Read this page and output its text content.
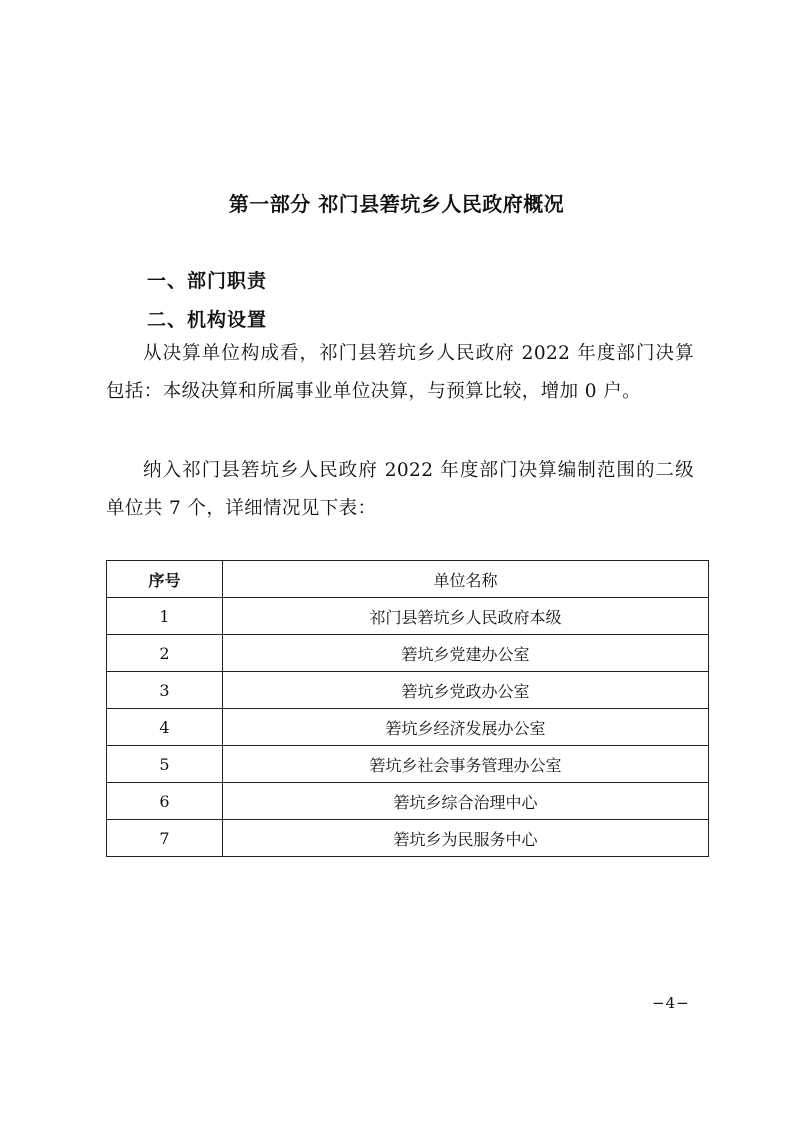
第一部分 祁门县箬坑乡人民政府概况
一、部门职责
二、机构设置
从决算单位构成看，祁门县箬坑乡人民政府 2022 年度部门决算包括：本级决算和所属事业单位决算，与预算比较，增加 0 户。
纳入祁门县箬坑乡人民政府 2022 年度部门决算编制范围的二级单位共 7 个，详细情况见下表：
序号	单位名称
1	祁门县箬坑乡人民政府本级
2	箬坑乡党建办公室
3	箬坑乡党政办公室
4	箬坑乡经济发展办公室
5	箬坑乡社会事务管理办公室
6	箬坑乡综合治理中心
7	箬坑乡为民服务中心
−4−
